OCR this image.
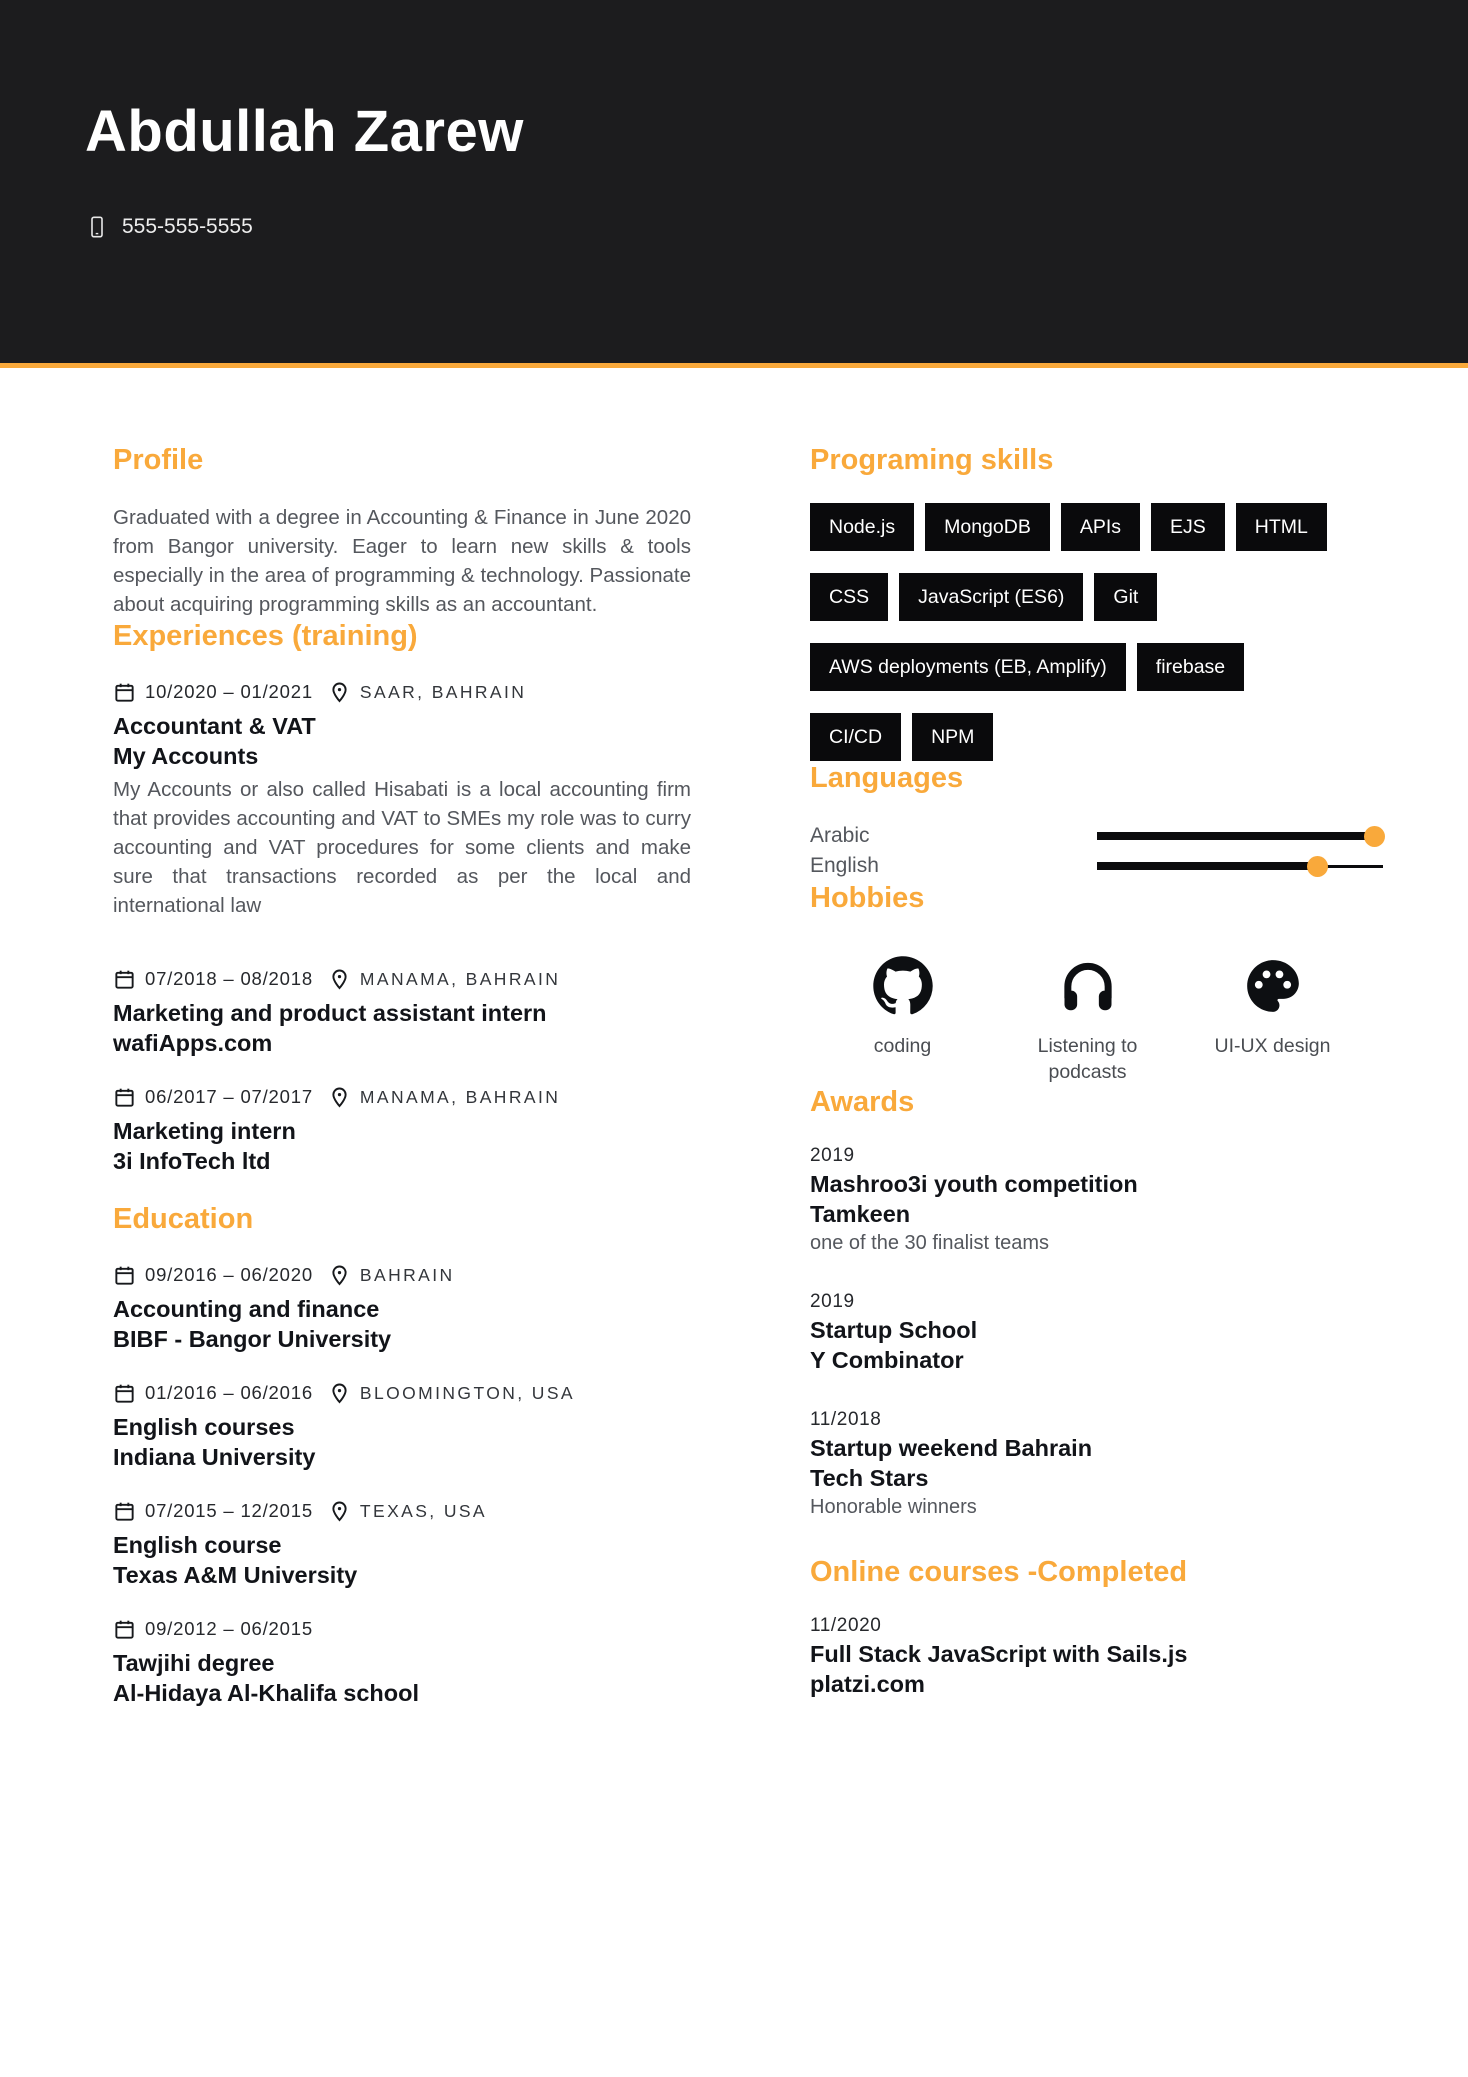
Abdullah Zarew
555-555-5555
Profile

Graduated with a degree in Accounting & Finance in June 2020 from Bangor university. Eager to learn new skills & tools especially in the area of programming & technology. Passionate about acquiring programming skills as an accountant.

Experiences (training)
10/2020 – 01/2021	SAAR, BAHRAIN
Accountant & VAT
My Accounts

My Accounts or also called Hisabati is a local accounting firm that provides accounting and VAT to SMEs my role was to curry accounting and VAT procedures for some clients and make sure that transactions recorded as per the local and international law

07/2018 – 08/2018	MANAMA, BAHRAIN
Marketing and product assistant intern
wafiApps.com
06/2017 – 07/2017	MANAMA, BAHRAIN
Marketing intern
3i InfoTech ltd
Education
09/2016 – 06/2020	BAHRAIN
Accounting and finance
BIBF - Bangor University
01/2016 – 06/2016	BLOOMINGTON, USA
English courses
Indiana University
07/2015 – 12/2015	TEXAS, USA
English course
Texas A&M University
09/2012 – 06/2015
Tawjihi degree
Al-Hidaya Al-Khalifa school
Programing skills
Node.js	MongoDB	APIs	EJS	HTML
CSS	JavaScript (ES6)	Git
AWS deployments (EB, Amplify)	firebase
CI/CD	NPM
Languages
Arabic
English
Hobbies
coding	Listening to podcasts
UI-UX design
Awards
2019
Mashroo3i youth competition
Tamkeen
one of the 30 finalist teams
2019
Startup School
Y Combinator
11/2018
Startup weekend Bahrain
Tech Stars
Honorable winners
Online courses -Completed
11/2020
Full Stack JavaScript with Sails.js
platzi.com
